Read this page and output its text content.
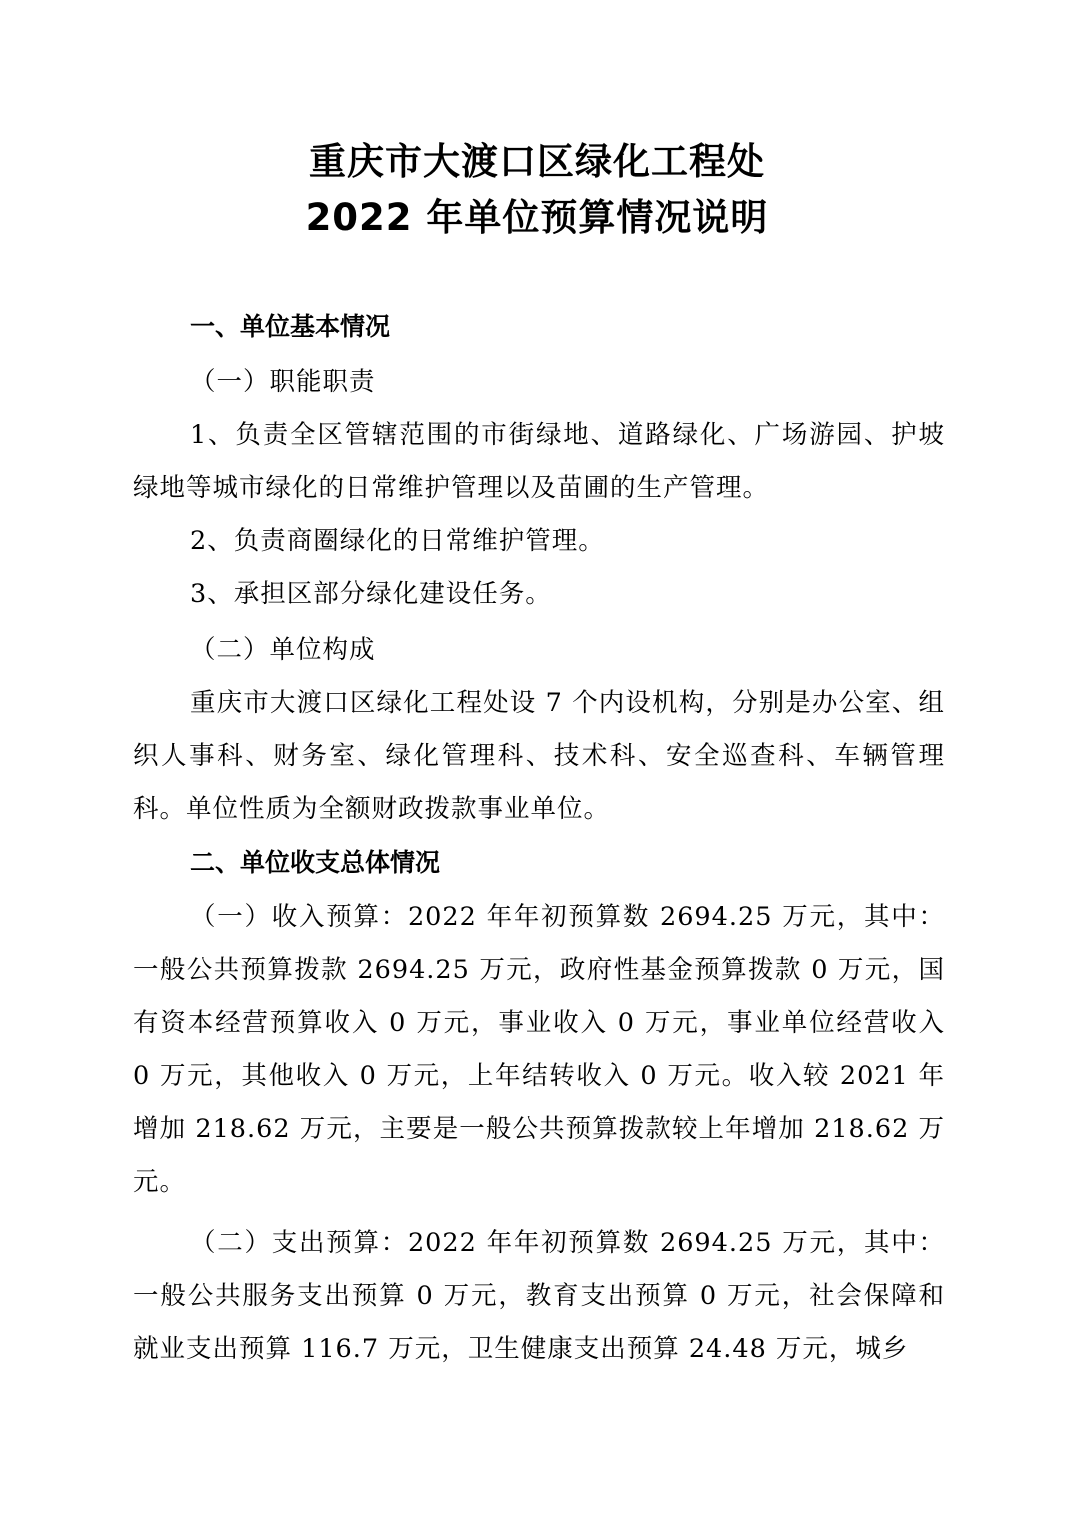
重庆市大渡口区绿化工程处
2022 年单位预算情况说明
一、单位基本情况
（一）职能职责
1、负责全区管辖范围的市街绿地、道路绿化、广场游园、护坡绿地等城市绿化的日常维护管理以及苗圃的生产管理。
2、负责商圈绿化的日常维护管理。
3、承担区部分绿化建设任务。
（二）单位构成
重庆市大渡口区绿化工程处设 7 个内设机构，分别是办公室、组织人事科、财务室、绿化管理科、技术科、安全巡查科、车辆管理科。单位性质为全额财政拨款事业单位。
二、单位收支总体情况
（一）收入预算：2022 年年初预算数 2694.25 万元，其中：一般公共预算拨款 2694.25 万元，政府性基金预算拨款 0 万元，国有资本经营预算收入 0 万元，事业收入 0 万元，事业单位经营收入 0 万元，其他收入 0 万元，上年结转收入 0 万元。收入较 2021 年增加 218.62 万元，主要是一般公共预算拨款较上年增加 218.62 万元。
（二）支出预算：2022 年年初预算数 2694.25 万元，其中：一般公共服务支出预算 0 万元，教育支出预算 0 万元，社会保障和就业支出预算 116.7 万元，卫生健康支出预算 24.48 万元，城乡
